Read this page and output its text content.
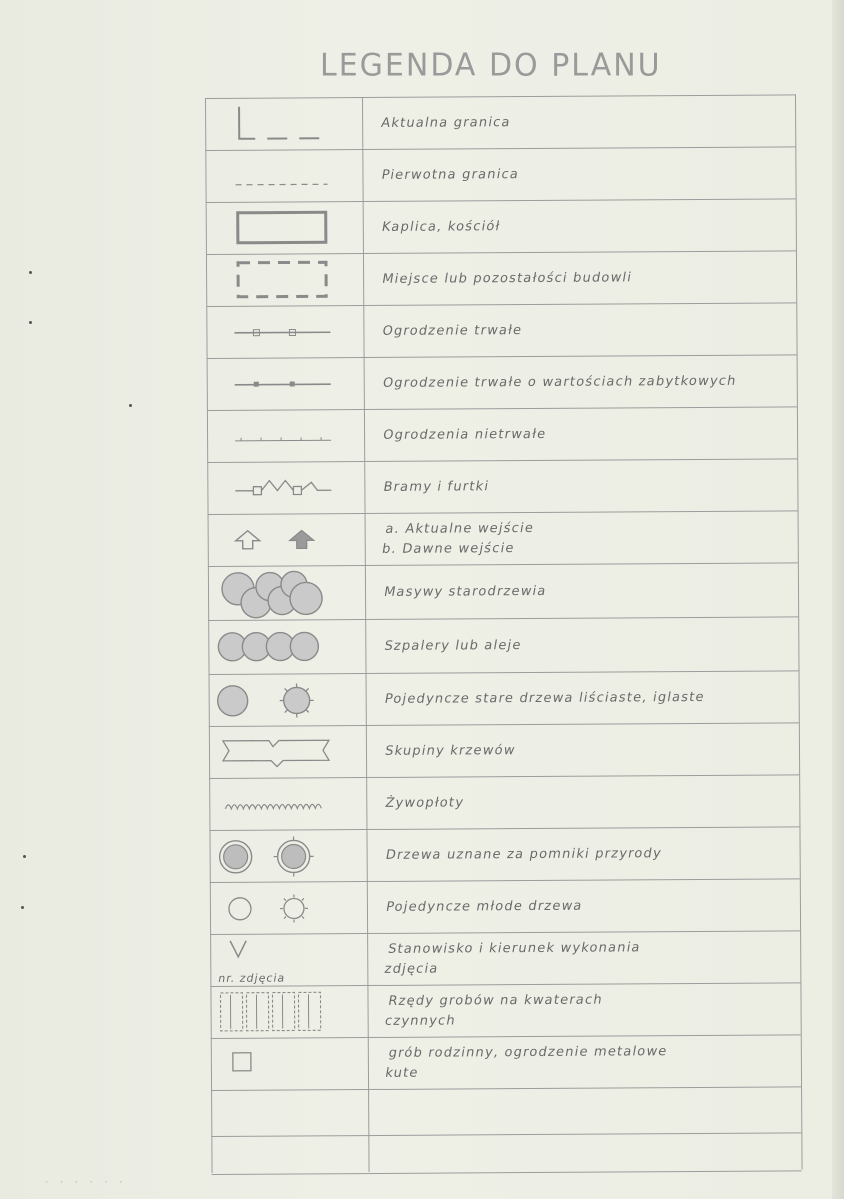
· · · · · ·
LEGENDA DO PLANU
Aktualna granica
Pierwotna granica
Kaplica, kościół
Miejsce lub pozostałości budowli
Ogrodzenie trwałe
Ogrodzenie trwałe o wartościach zabytkowych
Ogrodzenia nietrwałe
Bramy i furtki
a. Aktualne wejście
b. Dawne wejście
Masywy starodrzewia
Szpalery lub aleje
Pojedyncze stare drzewa liściaste, iglaste
Skupiny krzewów
Żywopłoty
Drzewa uznane za pomniki przyrody
Pojedyncze młode drzewa
nr. zdjęcia
Stanowisko i kierunek wykonania
zdjęcia
Rzędy grobów na kwaterach
czynnych
grób rodzinny, ogrodzenie metalowe
kute
